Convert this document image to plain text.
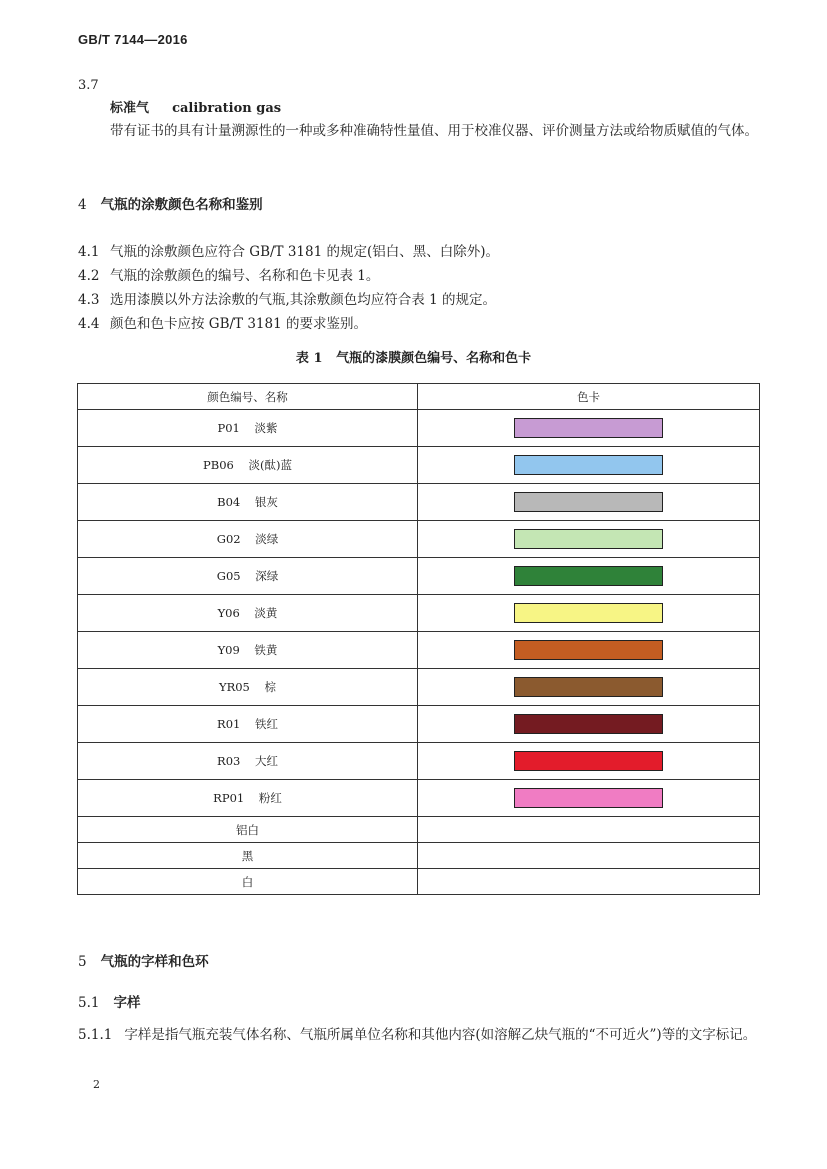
GB/T 7144—2016
3.7
标准气 calibration gas
带有证书的具有计量溯源性的一种或多种准确特性量值、用于校准仪器、评价测量方法或给物质赋值的气体。
4 气瓶的涂敷颜色名称和鉴别
4.1 气瓶的涂敷颜色应符合 GB/T 3181 的规定(铝白、黑、白除外)。
4.2 气瓶的涂敷颜色的编号、名称和色卡见表 1。
4.3 选用漆膜以外方法涂敷的气瓶,其涂敷颜色均应符合表 1 的规定。
4.4 颜色和色卡应按 GB/T 3181 的要求鉴别。
表 1   气瓶的漆膜颜色编号、名称和色卡
颜色编号、名称	色卡
P01    淡紫	
PB06    淡(酞)蓝	
B04    银灰	
G02    淡绿	
G05    深绿	
Y06    淡黄	
Y09    铁黄	
YR05    棕	
R01    铁红	
R03    大红	
RP01    粉红	
铝白	
黑	
白	
5 气瓶的字样和色环
5.1 字样
5.1.1 字样是指气瓶充装气体名称、气瓶所属单位名称和其他内容(如溶解乙炔气瓶的“不可近火”)等的文字标记。
2
